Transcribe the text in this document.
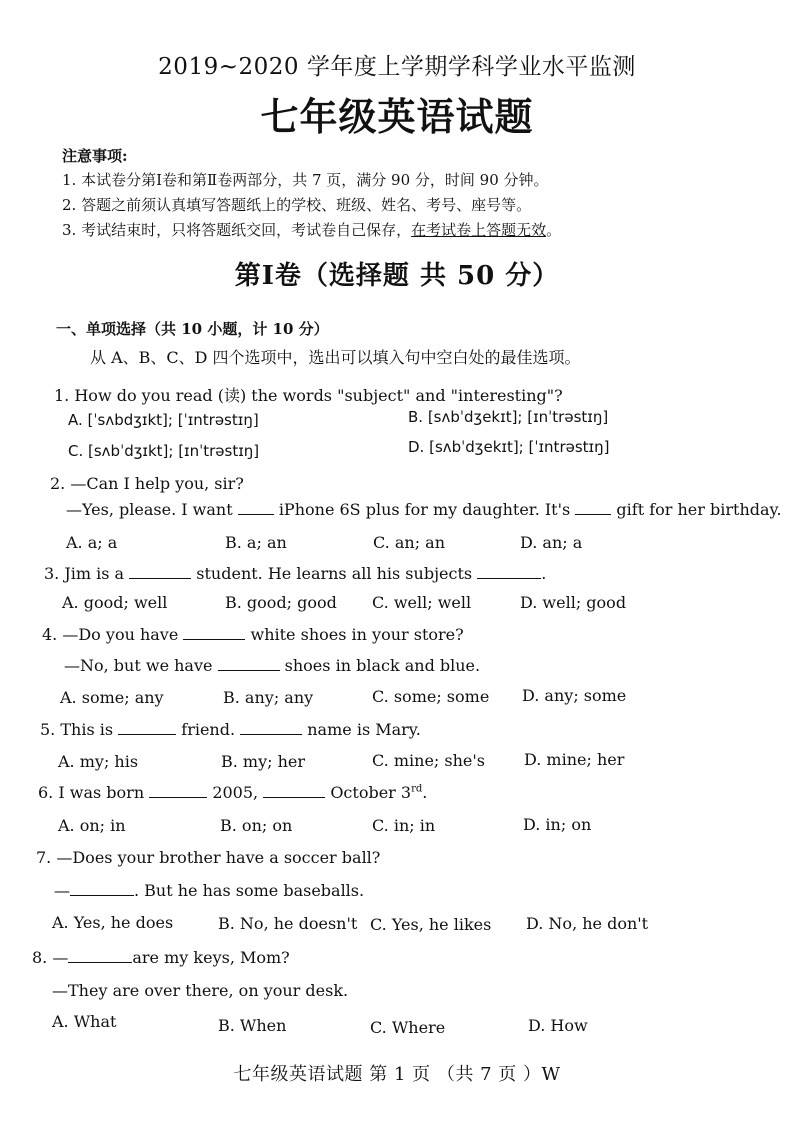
2019~2020 学年度上学期学科学业水平监测
七年级英语试题
注意事项:
1. 本试卷分第Ⅰ卷和第Ⅱ卷两部分，共 7 页，满分 90 分，时间 90 分钟。
2. 答题之前须认真填写答题纸上的学校、班级、姓名、考号、座号等。
3. 考试结束时，只将答题纸交回，考试卷自己保存，在考试卷上答题无效。
第Ⅰ卷（选择题 共 50 分）
一、单项选择（共 10 小题，计 10 分）
从 A、B、C、D 四个选项中，选出可以填入句中空白处的最佳选项。
1. How do you read (读) the words "subject" and "interesting"?
A. [ˈsʌbdʒɪkt]; [ˈɪntrəstɪŋ]	B. [sʌbˈdʒekɪt]; [ɪnˈtrəstɪŋ]
C. [sʌbˈdʒɪkt]; [ɪnˈtrəstɪŋ]	D. [sʌbˈdʒekɪt]; [ˈɪntrəstɪŋ]
2. —Can I help you, sir?
—Yes, please. I want	iPhone 6S plus for my daughter. It's	gift for her birthday.
A. a; a	B. a; an	C. an; an	D. an; a
3. Jim is a	student. He learns all his subjects	.
A. good; well	B. good; good C. well; well	D. well; good
4. —Do you have	white shoes in your store?
—No, but we have	shoes in black and blue.
A. some; any	B. any; any	C. some; some D. any; some
5. This is	friend.	name is Mary.
A. my; his	B. my; her	C. mine; she's D. mine; her
6. I was born	2005,	October 3rd.
A. on; in	B. on; on	C. in; in	D. in; on
7. —Does your brother have a soccer ball?
—	. But he has some baseballs.
A. Yes, he does	B. No, he doesn't C. Yes, he likes D. No, he don't
8. —	are my keys, Mom?
—They are over there, on your desk.
A. What	B. When	C. Where	D. How
七年级英语试题 第 1 页 （共 7 页 ）W
